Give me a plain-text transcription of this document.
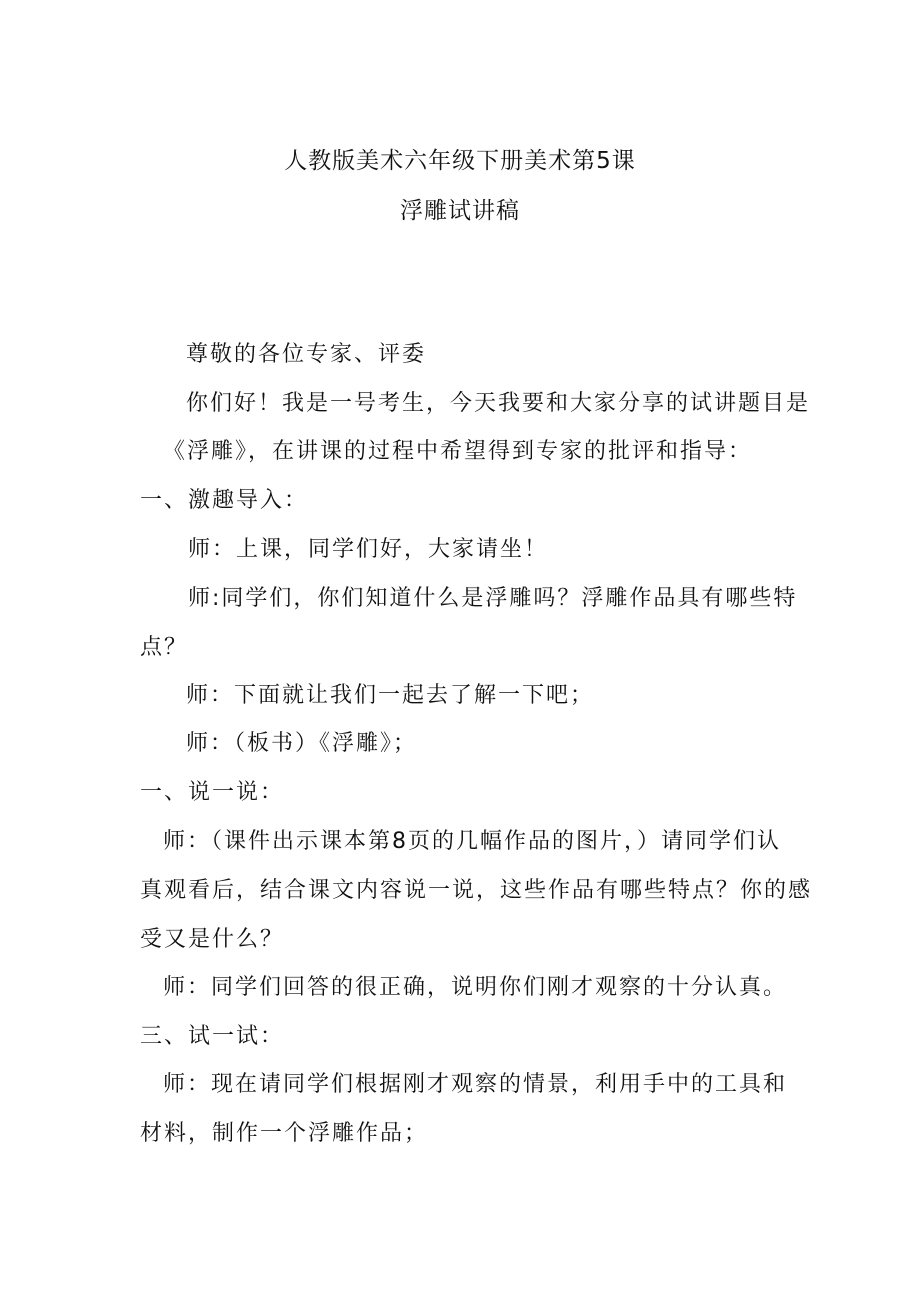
人教版美术六年级下册美术第5课
浮雕试讲稿
尊敬的各位专家、评委
你们好！我是一号考生，今天我要和大家分享的试讲题目是
《浮雕》，在讲课的过程中希望得到专家的批评和指导：
一、激趣导入：
师：上课，同学们好，大家请坐！
师:同学们，你们知道什么是浮雕吗？浮雕作品具有哪些特
点？
师：下面就让我们一起去了解一下吧；
师：（板书）《浮雕》；
一、说一说：
师：（课件出示课本第8页的几幅作品的图片，）请同学们认
真观看后，结合课文内容说一说，这些作品有哪些特点？你的感
受又是什么？
师：同学们回答的很正确，说明你们刚才观察的十分认真。
三、试一试：
师：现在请同学们根据刚才观察的情景，利用手中的工具和
材料，制作一个浮雕作品；
